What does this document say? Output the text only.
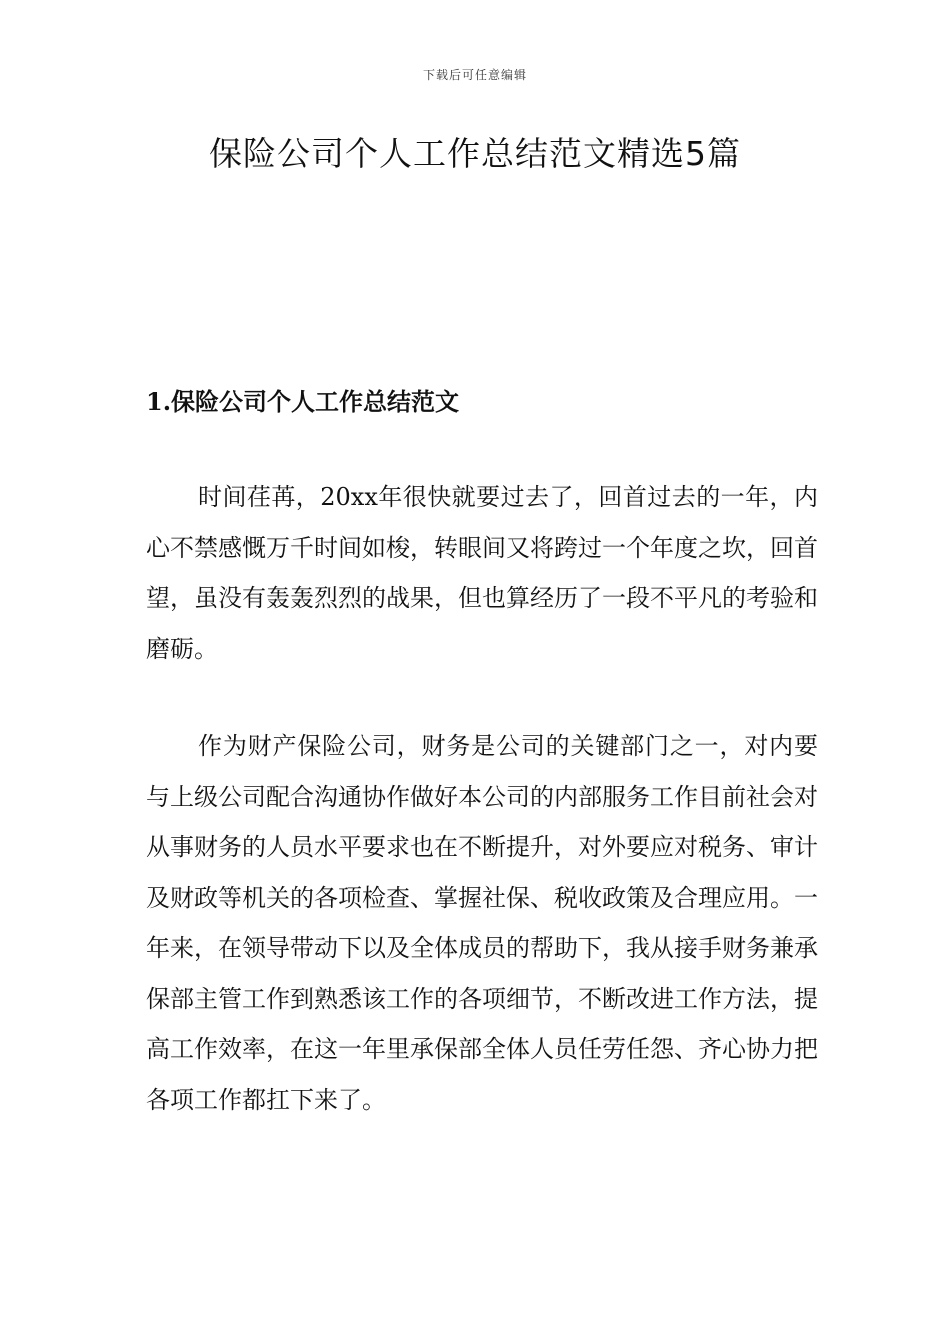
下载后可任意编辑
保险公司个人工作总结范文精选5篇
1.保险公司个人工作总结范文

时间荏苒，20xx年很快就要过去了，回首过去的一年，内心不禁感慨万千时间如梭，转眼间又将跨过一个年度之坎，回首望，虽没有轰轰烈烈的战果，但也算经历了一段不平凡的考验和磨砺。

作为财产保险公司，财务是公司的关键部门之一，对内要与上级公司配合沟通协作做好本公司的内部服务工作目前社会对从事财务的人员水平要求也在不断提升，对外要应对税务、审计及财政等机关的各项检查、掌握社保、税收政策及合理应用。一年来，在领导带动下以及全体成员的帮助下，我从接手财务兼承保部主管工作到熟悉该工作的各项细节，不断改进工作方法，提高工作效率，在这一年里承保部全体人员任劳任怨、齐心协力把各项工作都扛下来了。
